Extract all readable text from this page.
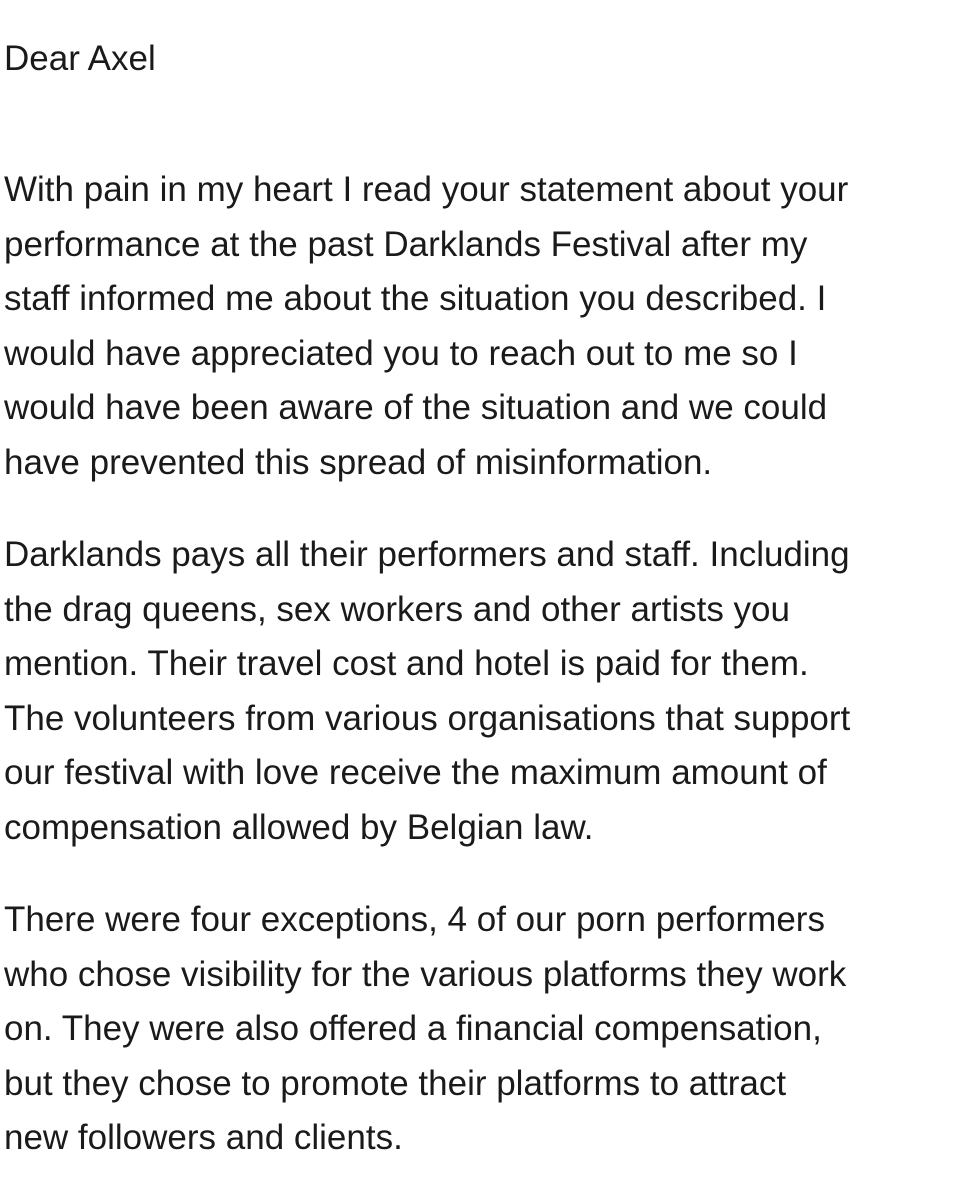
Dear Axel
With pain in my heart I read your statement about your
performance at the past Darklands Festival after my
staff informed me about the situation you described. I
would have appreciated you to reach out to me so I
would have been aware of the situation and we could
have prevented this spread of misinformation.
Darklands pays all their performers and staff. Including
the drag queens, sex workers and other artists you
mention. Their travel cost and hotel is paid for them.
The volunteers from various organisations that support
our festival with love receive the maximum amount of
compensation allowed by Belgian law.
There were four exceptions, 4 of our porn performers
who chose visibility for the various platforms they work
on. They were also offered a financial compensation,
but they chose to promote their platforms to attract
new followers and clients.
